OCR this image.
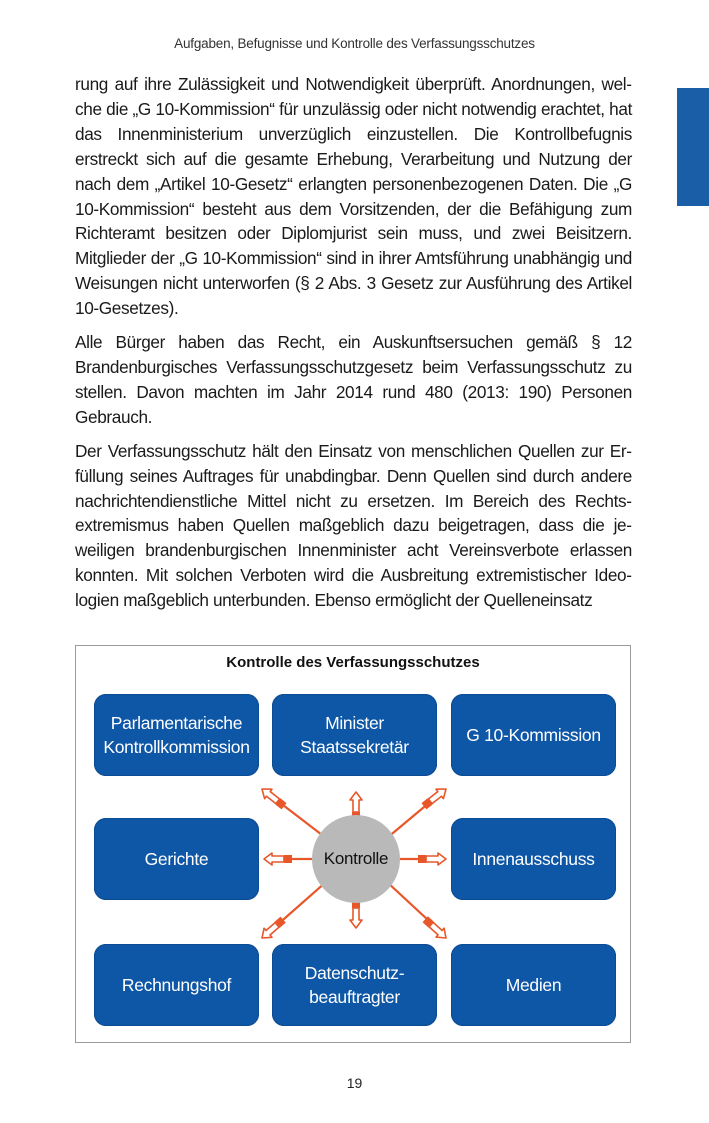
Aufgaben, Befugnisse und Kontrolle des Verfassungsschutzes

rung auf ihre Zulässigkeit und Notwendigkeit überprüft. Anordnungen, welche die „G 10-Kommission“ für unzulässig oder nicht notwendig erachtet, hat das Innenministerium unverzüglich einzustellen. Die Kontrollbefugnis erstreckt sich auf die gesamte Erhebung, Verarbeitung und Nutzung der nach dem „Artikel 10-Gesetz“ erlangten personenbezogenen Daten. Die „G 10-Kommission“ besteht aus dem Vorsitzenden, der die Befähigung zum Richteramt besitzen oder Diplomjurist sein muss, und zwei Beisitzern. Mitglieder der „G 10-Kommission“ sind in ihrer Amtsführung unabhängig und Weisungen nicht unterworfen (§ 2 Abs. 3 Gesetz zur Ausführung des Artikel 10-Gesetzes).

Alle Bürger haben das Recht, ein Auskunftsersuchen gemäß § 12 Brandenburgisches Verfassungsschutzgesetz beim Verfassungsschutz zu stellen. Davon machten im Jahr 2014 rund 480 (2013: 190) Personen Gebrauch.

Der Verfassungsschutz hält den Einsatz von menschlichen Quellen zur Erfüllung seines Auftrages für unabdingbar. Denn Quellen sind durch andere nachrichtendienstliche Mittel nicht zu ersetzen. Im Bereich des Rechtsextremismus haben Quellen maßgeblich dazu beigetragen, dass die jeweiligen brandenburgischen Innenminister acht Vereinsverbote erlassen konnten. Mit solchen Verboten wird die Ausbreitung extremistischer Ideologien maßgeblich unterbunden. Ebenso ermöglicht der Quelleneinsatz

Kontrolle des Verfassungsschutzes
Parlamentarische
Kontrollkommission
Minister
Staatssekretär
G 10-Kommission
Gerichte	Innenausschuss
Rechnungshof
Datenschutz-
beauftragter
Medien
Kontrolle
19
